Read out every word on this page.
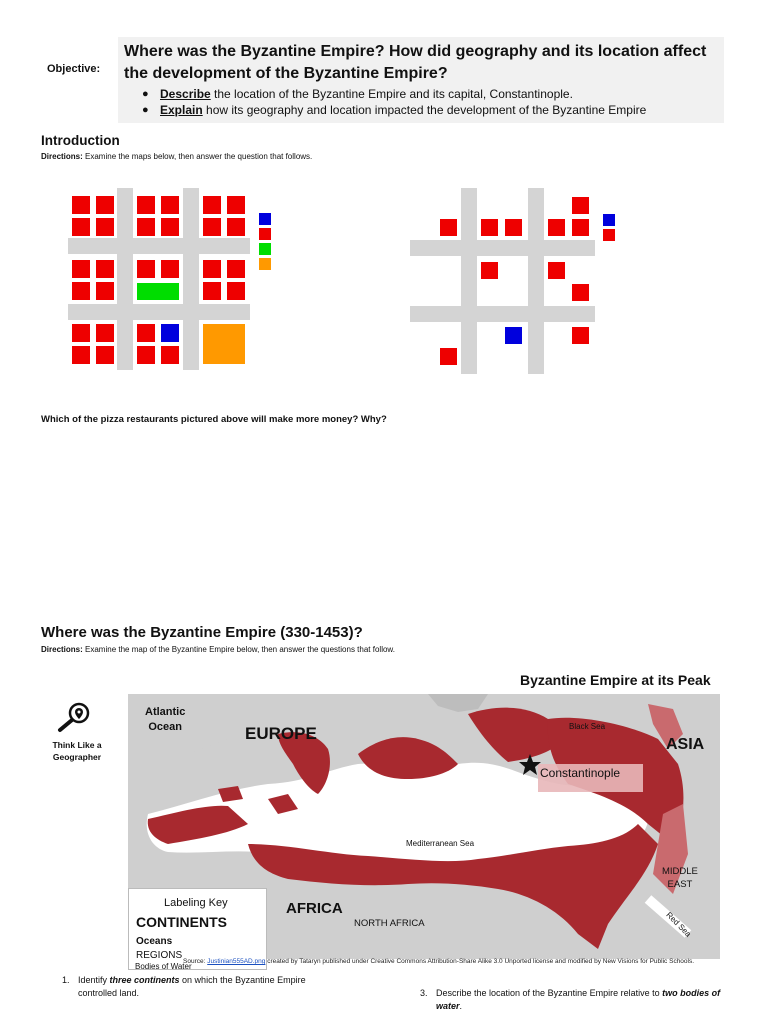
Objective:
Where was the Byzantine Empire? How did geography and its location affect the development of the Byzantine Empire?
● Describe the location of the Byzantine Empire and its capital, Constantinople.
● Explain how its geography and location impacted the development of the Byzantine Empire
Introduction
Directions: Examine the maps below, then answer the question that follows.
Which of the pizza restaurants pictured above will make more money? Why?
Where was the Byzantine Empire (330-1453)?
Directions: Examine the map of the Byzantine Empire below, then answer the questions that follow.
Byzantine Empire at its Peak
Think Like a
Geographer
EUROPE
ASIA
Black Sea
Constantinople
Mediterranean Sea
MIDDLE
EAST
AFRICA
NORTH AFRICA	Red Sea
Atlantic
Ocean
Labeling Key
CONTINENTS
Oceans
REGIONS
Bodies of Water
Source: Justinian555AD.png created by Tataryn published under Creative Commons Attribution-Share Alike 3.0 Unported license and modified by New Visions for Public Schools.
1. Identify three continents on which the Byzantine Empire controlled land.	3. Describe the location of the Byzantine Empire relative to two bodies of water.
